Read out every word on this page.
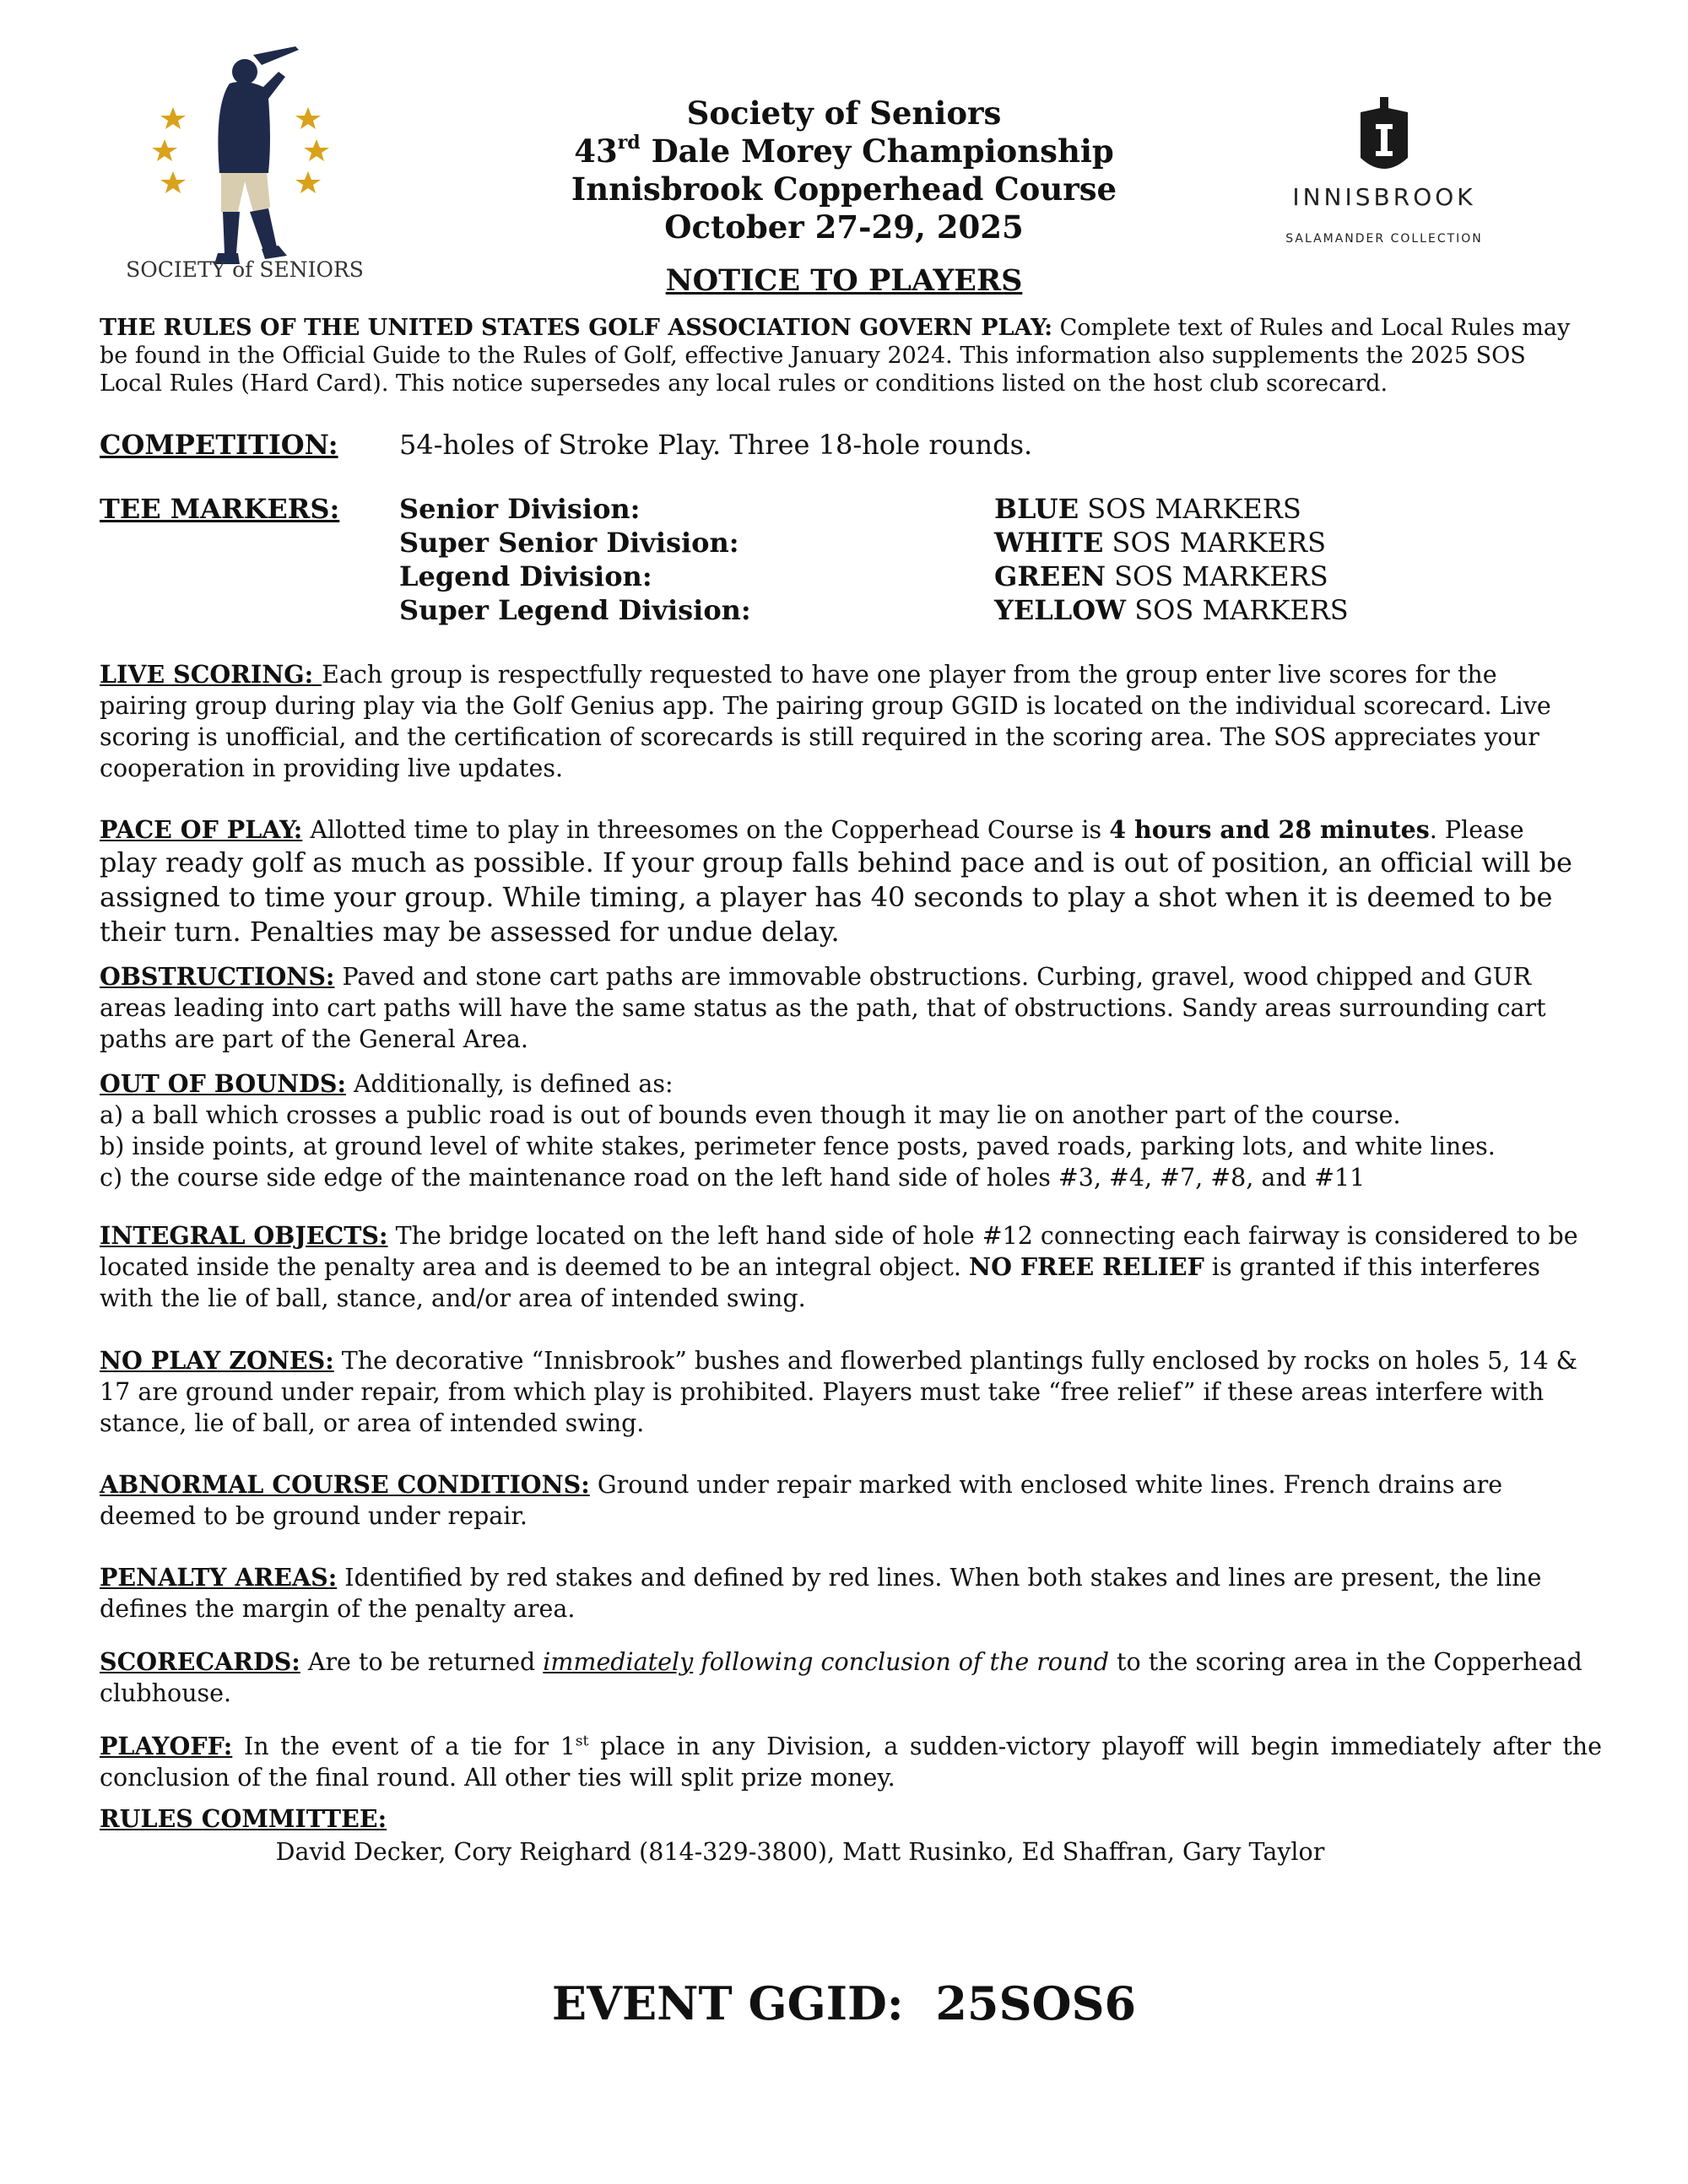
SOCIETY of SENIORS
INNISBROOK
SALAMANDER COLLECTION
Society of Seniors
43rd Dale Morey Championship
Innisbrook Copperhead Course
October 27-29, 2025
NOTICE TO PLAYERS

THE RULES OF THE UNITED STATES GOLF ASSOCIATION GOVERN PLAY: Complete text of Rules and Local Rules may be found in the Official Guide to the Rules of Golf, effective January 2024. This information also supplements the 2025 SOS Local Rules (Hard Card). This notice supersedes any local rules or conditions listed on the host club scorecard.

COMPETITION: 54-holes of Stroke Play. Three 18-hole rounds.
TEE MARKERS: Senior Division:	BLUE SOS MARKERS
Super Senior Division:	WHITE SOS MARKERS
Legend Division:	GREEN SOS MARKERS
Super Legend Division:	YELLOW SOS MARKERS

LIVE SCORING: Each group is respectfully requested to have one player from the group enter live scores for the pairing group during play via the Golf Genius app. The pairing group GGID is located on the individual scorecard. Live scoring is unofficial, and the certification of scorecards is still required in the scoring area. The SOS appreciates your cooperation in providing live updates.

PACE OF PLAY: Allotted time to play in threesomes on the Copperhead Course is 4 hours and 28 minutes. Please

play ready golf as much as possible. If your group falls behind pace and is out of position, an official will be assigned to time your group. While timing, a player has 40 seconds to play a shot when it is deemed to be their turn. Penalties may be assessed for undue delay.

OBSTRUCTIONS: Paved and stone cart paths are immovable obstructions. Curbing, gravel, wood chipped and GUR areas leading into cart paths will have the same status as the path, that of obstructions. Sandy areas surrounding cart paths are part of the General Area.

OUT OF BOUNDS: Additionally, is defined as:

a) a ball which crosses a public road is out of bounds even though it may lie on another part of the course.

b) inside points, at ground level of white stakes, perimeter fence posts, paved roads, parking lots, and white lines.

c) the course side edge of the maintenance road on the left hand side of holes #3, #4, #7, #8, and #11

INTEGRAL OBJECTS: The bridge located on the left hand side of hole #12 connecting each fairway is considered to be located inside the penalty area and is deemed to be an integral object. NO FREE RELIEF is granted if this interferes with the lie of ball, stance, and/or area of intended swing.

NO PLAY ZONES: The decorative “Innisbrook” bushes and flowerbed plantings fully enclosed by rocks on holes 5, 14 & 17 are ground under repair, from which play is prohibited. Players must take “free relief” if these areas interfere with stance, lie of ball, or area of intended swing.

ABNORMAL COURSE CONDITIONS: Ground under repair marked with enclosed white lines. French drains are deemed to be ground under repair.

PENALTY AREAS: Identified by red stakes and defined by red lines. When both stakes and lines are present, the line defines the margin of the penalty area.

SCORECARDS: Are to be returned immediately following conclusion of the round to the scoring area in the Copperhead clubhouse.

PLAYOFF: In the event of a tie for 1st place in any Division, a sudden-victory playoff will begin immediately after the conclusion of the final round. All other ties will split prize money.

RULES COMMITTEE:

David Decker, Cory Reighard (814-329-3800), Matt Rusinko, Ed Shaffran, Gary Taylor

EVENT GGID: 25SOS6
